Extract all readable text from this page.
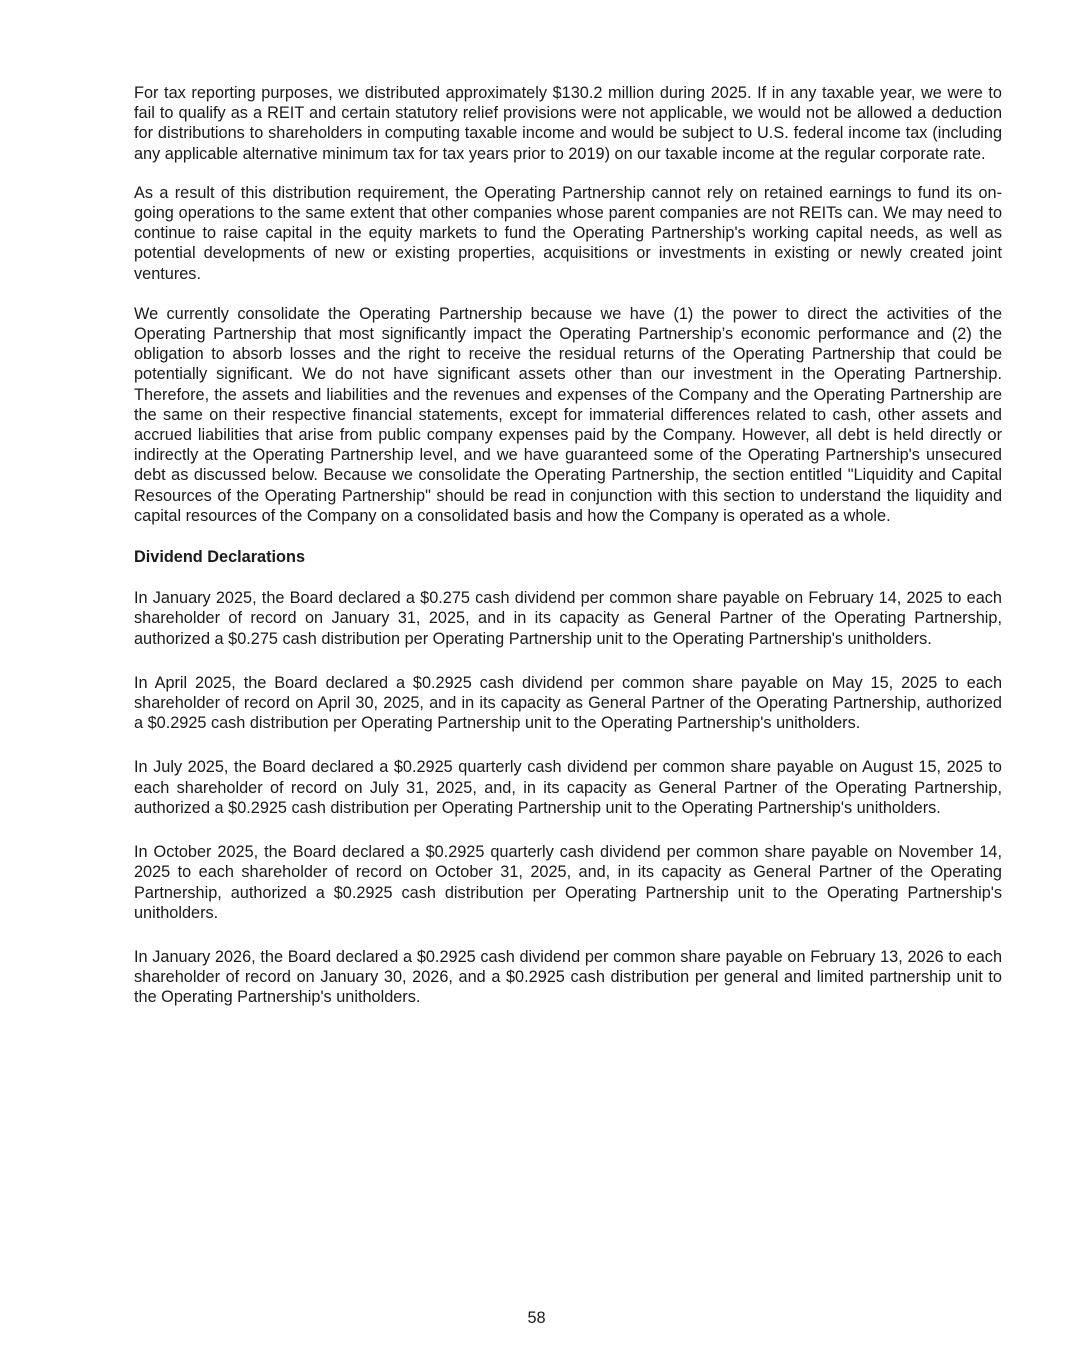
For tax reporting purposes, we distributed approximately $130.2 million during 2025. If in any taxable year, we were to fail to qualify as a REIT and certain statutory relief provisions were not applicable, we would not be allowed a deduction for distributions to shareholders in computing taxable income and would be subject to U.S. federal income tax (including any applicable alternative minimum tax for tax years prior to 2019) on our taxable income at the regular corporate rate.

As a result of this distribution requirement, the Operating Partnership cannot rely on retained earnings to fund its on-going operations to the same extent that other companies whose parent companies are not REITs can. We may need to continue to raise capital in the equity markets to fund the Operating Partnership's working capital needs, as well as potential developments of new or existing properties, acquisitions or investments in existing or newly created joint ventures.

We currently consolidate the Operating Partnership because we have (1) the power to direct the activities of the Operating Partnership that most significantly impact the Operating Partnership’s economic performance and (2) the obligation to absorb losses and the right to receive the residual returns of the Operating Partnership that could be potentially significant. We do not have significant assets other than our investment in the Operating Partnership. Therefore, the assets and liabilities and the revenues and expenses of the Company and the Operating Partnership are the same on their respective financial statements, except for immaterial differences related to cash, other assets and accrued liabilities that arise from public company expenses paid by the Company. However, all debt is held directly or indirectly at the Operating Partnership level, and we have guaranteed some of the Operating Partnership's unsecured debt as discussed below. Because we consolidate the Operating Partnership, the section entitled "Liquidity and Capital Resources of the Operating Partnership" should be read in conjunction with this section to understand the liquidity and capital resources of the Company on a consolidated basis and how the Company is operated as a whole.

Dividend Declarations

In January 2025, the Board declared a $0.275 cash dividend per common share payable on February 14, 2025 to each shareholder of record on January 31, 2025, and in its capacity as General Partner of the Operating Partnership, authorized a $0.275 cash distribution per Operating Partnership unit to the Operating Partnership's unitholders.

In April 2025, the Board declared a $0.2925 cash dividend per common share payable on May 15, 2025 to each shareholder of record on April 30, 2025, and in its capacity as General Partner of the Operating Partnership, authorized a $0.2925 cash distribution per Operating Partnership unit to the Operating Partnership's unitholders.

In July 2025, the Board declared a $0.2925 quarterly cash dividend per common share payable on August 15, 2025 to each shareholder of record on July 31, 2025, and, in its capacity as General Partner of the Operating Partnership, authorized a $0.2925 cash distribution per Operating Partnership unit to the Operating Partnership's unitholders.

In October 2025, the Board declared a $0.2925 quarterly cash dividend per common share payable on November 14, 2025 to each shareholder of record on October 31, 2025, and, in its capacity as General Partner of the Operating Partnership, authorized a $0.2925 cash distribution per Operating Partnership unit to the Operating Partnership's unitholders.

In January 2026, the Board declared a $0.2925 cash dividend per common share payable on February 13, 2026 to each shareholder of record on January 30, 2026, and a $0.2925 cash distribution per general and limited partnership unit to the Operating Partnership's unitholders.

58
